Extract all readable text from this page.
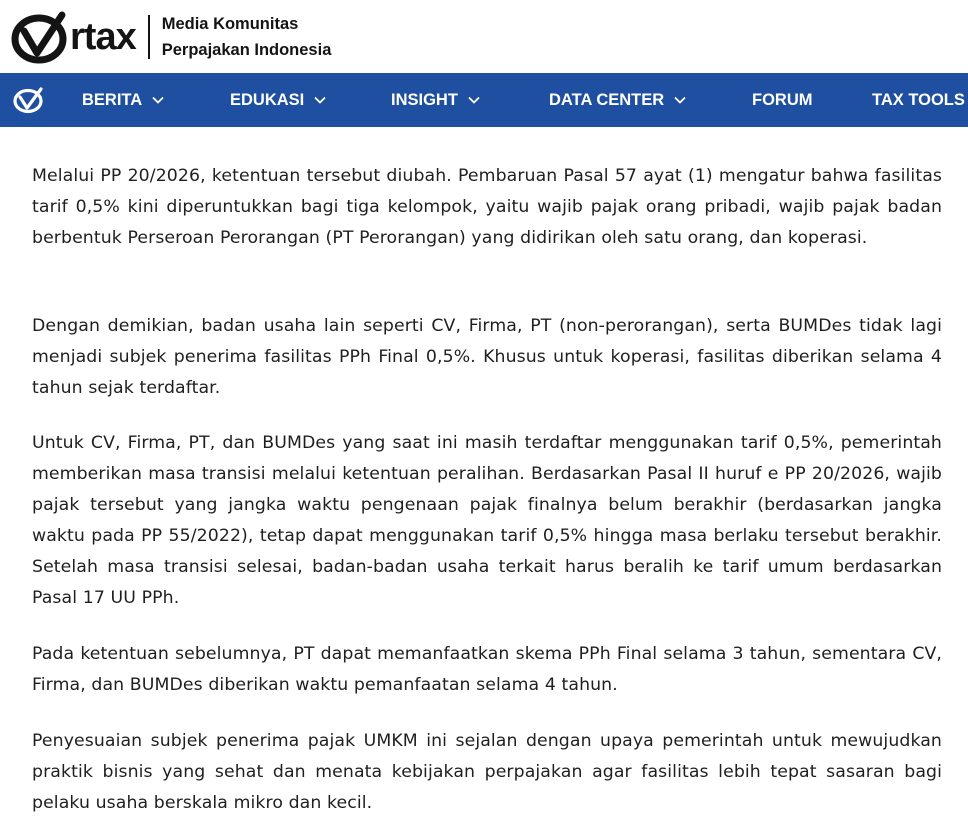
rtax Media Komunitas
Perpajakan Indonesia
BERITA	EDUKASI	INSIGHT	DATA CENTER	FORUM	TAX TOOLS

Melalui PP 20/2026, ketentuan tersebut diubah. Pembaruan Pasal 57 ayat (1) mengatur bahwa fasilitas tarif 0,5% kini diperuntukkan bagi tiga kelompok, yaitu wajib pajak orang pribadi, wajib pajak badan berbentuk Perseroan Perorangan (PT Perorangan) yang didirikan oleh satu orang, dan koperasi.

Dengan demikian, badan usaha lain seperti CV, Firma, PT (non-perorangan), serta BUMDes tidak lagi menjadi subjek penerima fasilitas PPh Final 0,5%. Khusus untuk koperasi, fasilitas diberikan selama 4 tahun sejak terdaftar.

Untuk CV, Firma, PT, dan BUMDes yang saat ini masih terdaftar menggunakan tarif 0,5%, pemerintah memberikan masa transisi melalui ketentuan peralihan. Berdasarkan Pasal II huruf e PP 20/2026, wajib pajak tersebut yang jangka waktu pengenaan pajak finalnya belum berakhir (berdasarkan jangka waktu pada PP 55/2022), tetap dapat menggunakan tarif 0,5% hingga masa berlaku tersebut berakhir. Setelah masa transisi selesai, badan-badan usaha terkait harus beralih ke tarif umum berdasarkan Pasal 17 UU PPh.

Pada ketentuan sebelumnya, PT dapat memanfaatkan skema PPh Final selama 3 tahun, sementara CV, Firma, dan BUMDes diberikan waktu pemanfaatan selama 4 tahun.

Penyesuaian subjek penerima pajak UMKM ini sejalan dengan upaya pemerintah untuk mewujudkan praktik bisnis yang sehat dan menata kebijakan perpajakan agar fasilitas lebih tepat sasaran bagi pelaku usaha berskala mikro dan kecil.
